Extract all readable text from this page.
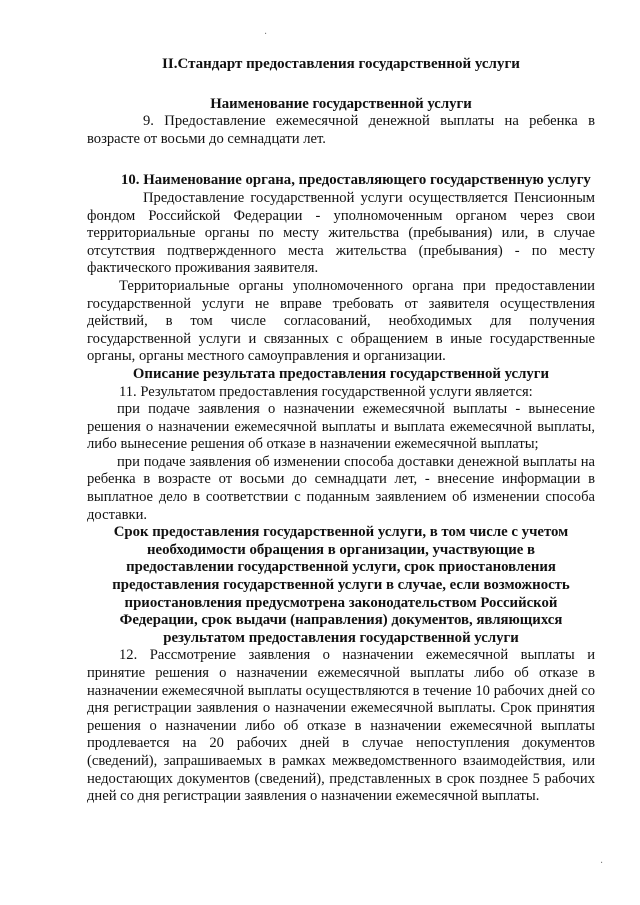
II.Стандарт предоставления государственной услуги

Наименование государственной услуги

9. Предоставление ежемесячной денежной выплаты на ребенка в возрасте от восьми до семнадцати лет.

10. Наименование органа, предоставляющего государственную услугу

Предоставление государственной услуги осуществляется Пенсионным фондом Российской Федерации - уполномоченным органом через свои территориальные органы по месту жительства (пребывания) или, в случае отсутствия подтвержденного места жительства (пребывания) - по месту фактического проживания заявителя.

Территориальные органы уполномоченного органа при предоставлении государственной услуги не вправе требовать от заявителя осуществления действий, в том числе согласований, необходимых для получения государственной услуги и связанных с обращением в иные государственные органы, органы местного самоуправления и организации.

Описание результата предоставления государственной услуги

11. Результатом предоставления государственной услуги является:

при подаче заявления о назначении ежемесячной выплаты - вынесение решения о назначении ежемесячной выплаты и выплата ежемесячной выплаты, либо вынесение решения об отказе в назначении ежемесячной выплаты;

при подаче заявления об изменении способа доставки денежной выплаты на ребенка в возрасте от восьми до семнадцати лет, - внесение информации в выплатное дело в соответствии с поданным заявлением об изменении способа доставки.

Срок предоставления государственной услуги, в том числе с учетом необходимости обращения в организации, участвующие в предоставлении государственной услуги, срок приостановления предоставления государственной услуги в случае, если возможность приостановления предусмотрена законодательством Российской Федерации, срок выдачи (направления) документов, являющихся результатом предоставления государственной услуги

12. Рассмотрение заявления о назначении ежемесячной выплаты и принятие решения о назначении ежемесячной выплаты либо об отказе в назначении ежемесячной выплаты осуществляются в течение 10 рабочих дней со дня регистрации заявления о назначении ежемесячной выплаты. Срок принятия решения о назначении либо об отказе в назначении ежемесячной выплаты продлевается на 20 рабочих дней в случае непоступления документов (сведений), запрашиваемых в рамках межведомственного взаимодействия, или недостающих документов (сведений), представленных в срок позднее 5 рабочих дней со дня регистрации заявления о назначении ежемесячной выплаты.

.
·
